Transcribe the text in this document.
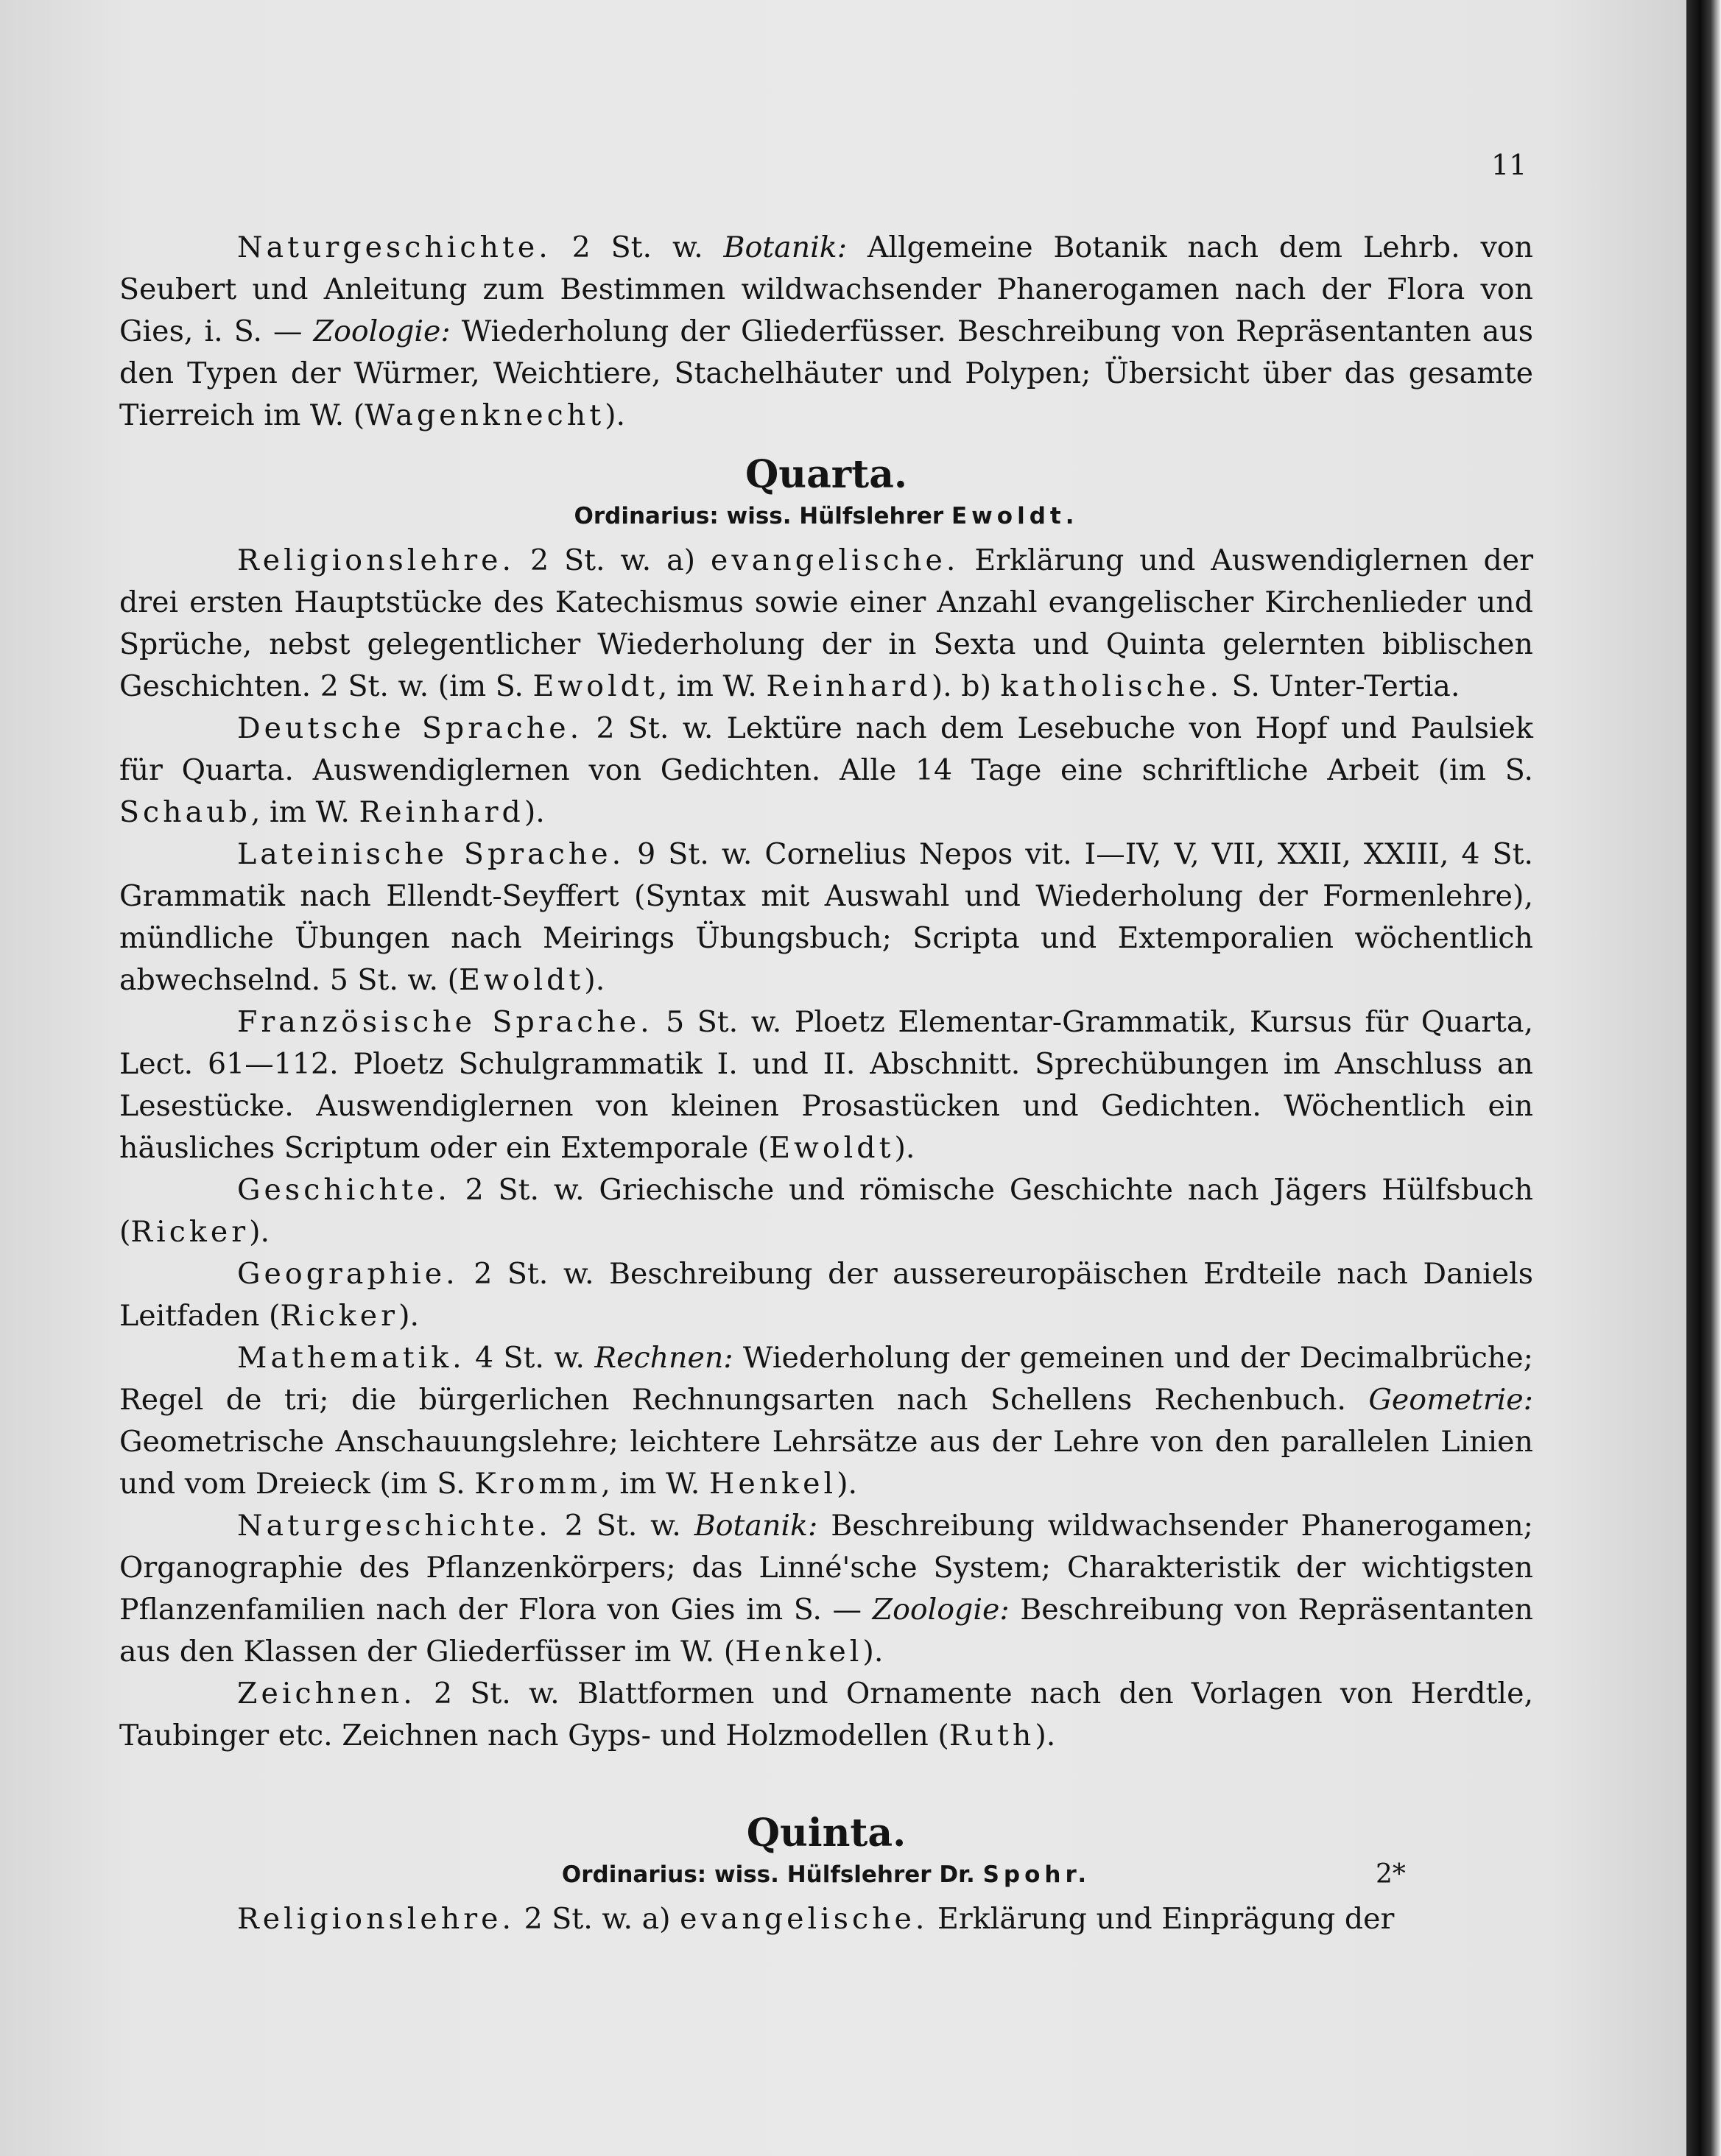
11

Naturgeschichte. 2 St. w. Botanik: Allgemeine Botanik nach dem Lehrb. von Seubert und Anleitung zum Bestimmen wildwachsender Phanerogamen nach der Flora von Gies, i. S. — Zoologie: Wiederholung der Gliederfüsser. Beschreibung von Repräsentanten aus den Typen der Würmer, Weichtiere, Stachelhäuter und Polypen; Übersicht über das gesamte Tierreich im W. (Wagenknecht).

Quarta.

Ordinarius: wiss. Hülfslehrer Ewoldt.

Religionslehre. 2 St. w. a) evangelische. Erklärung und Auswendiglernen der drei ersten Hauptstücke des Katechismus sowie einer Anzahl evangelischer Kirchenlieder und Sprüche, nebst gelegentlicher Wiederholung der in Sexta und Quinta gelernten biblischen Geschichten. 2 St. w. (im S. Ewoldt, im W. Reinhard). b) katholische. S. Unter-Tertia.

Deutsche Sprache. 2 St. w. Lektüre nach dem Lesebuche von Hopf und Paulsiek für Quarta. Auswendiglernen von Gedichten. Alle 14 Tage eine schriftliche Arbeit (im S. Schaub, im W. Reinhard).

Lateinische Sprache. 9 St. w. Cornelius Nepos vit. I—IV, V, VII, XXII, XXIII, 4 St. Grammatik nach Ellendt-Seyffert (Syntax mit Auswahl und Wiederholung der Formenlehre), mündliche Übungen nach Meirings Übungsbuch; Scripta und Extemporalien wöchentlich abwechselnd. 5 St. w. (Ewoldt).

Französische Sprache. 5 St. w. Ploetz Elementar-Grammatik, Kursus für Quarta, Lect. 61—112. Ploetz Schulgrammatik I. und II. Abschnitt. Sprechübungen im Anschluss an Lesestücke. Auswendiglernen von kleinen Prosastücken und Gedichten. Wöchentlich ein häusliches Scriptum oder ein Extemporale (Ewoldt).

Geschichte. 2 St. w. Griechische und römische Geschichte nach Jägers Hülfsbuch (Ricker).

Geographie. 2 St. w. Beschreibung der aussereuropäischen Erdteile nach Daniels Leitfaden (Ricker).

Mathematik. 4 St. w. Rechnen: Wiederholung der gemeinen und der Decimalbrüche; Regel de tri; die bürgerlichen Rechnungsarten nach Schellens Rechenbuch. Geometrie: Geometrische Anschauungslehre; leichtere Lehrsätze aus der Lehre von den parallelen Linien und vom Dreieck (im S. Kromm, im W. Henkel).

Naturgeschichte. 2 St. w. Botanik: Beschreibung wildwachsender Phanerogamen; Organographie des Pflanzenkörpers; das Linné'sche System; Charakteristik der wichtigsten Pflanzenfamilien nach der Flora von Gies im S. — Zoologie: Beschreibung von Repräsentanten aus den Klassen der Gliederfüsser im W. (Henkel).

Zeichnen. 2 St. w. Blattformen und Ornamente nach den Vorlagen von Herdtle, Taubinger etc. Zeichnen nach Gyps- und Holzmodellen (Ruth).

Quinta.

Ordinarius: wiss. Hülfslehrer Dr. Spohr.

Religionslehre. 2 St. w. a) evangelische. Erklärung und Einprägung der

2*
